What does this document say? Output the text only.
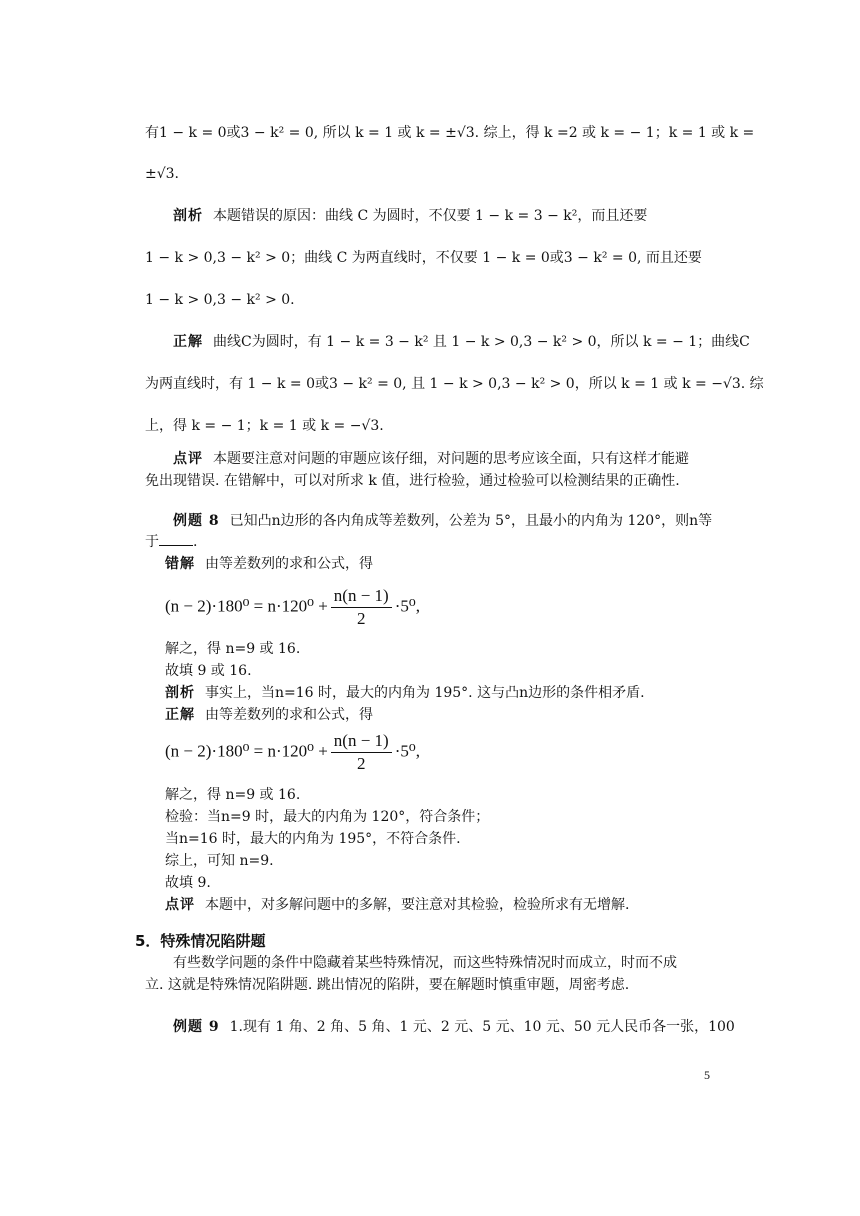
有1 − k = 0或3 − k² = 0, 所以 k = 1 或 k = ±√3. 综上，得 k =2 或 k = − 1；k = 1 或 k =
±√3.
剖析 本题错误的原因：曲线 C 为圆时，不仅要 1 − k = 3 − k²，而且还要
1 − k > 0,3 − k² > 0；曲线 C 为两直线时，不仅要 1 − k = 0或3 − k² = 0, 而且还要
1 − k > 0,3 − k² > 0.
正解 曲线C为圆时，有 1 − k = 3 − k² 且 1 − k > 0,3 − k² > 0，所以 k = − 1；曲线C
为两直线时，有 1 − k = 0或3 − k² = 0, 且 1 − k > 0,3 − k² > 0，所以 k = 1 或 k = −√3. 综
上，得 k = − 1；k = 1 或 k = −√3.
点评 本题要注意对问题的审题应该仔细，对问题的思考应该全面，只有这样才能避
免出现错误. 在错解中，可以对所求 k 值，进行检验，通过检验可以检测结果的正确性.
例题 8 已知凸n边形的各内角成等差数列，公差为 5°，且最小的内角为 120°，则n等
于 .
错解 由等差数列的求和公式，得
$(n - 2)\cdot 180^0 = n\cdot 120^0 + \frac{n(n - 1)}{2} \cdot 5^0$,
解之，得 n=9 或 16.
故填 9 或 16.
剖析 事实上，当n=16 时，最大的内角为 195°. 这与凸n边形的条件相矛盾.
正解 由等差数列的求和公式，得
$(n - 2)\cdot 180^0 = n\cdot 120^0 + \frac{n(n - 1)}{2} \cdot 5^0$,
解之，得 n=9 或 16.
检验：当n=9 时，最大的内角为 120°，符合条件；
当n=16 时，最大的内角为 195°，不符合条件.
综上，可知 n=9.
故填 9.
点评 本题中，对多解问题中的多解，要注意对其检验，检验所求有无增解.
5．特殊情况陷阱题
有些数学问题的条件中隐藏着某些特殊情况，而这些特殊情况时而成立，时而不成
立. 这就是特殊情况陷阱题. 跳出情况的陷阱，要在解题时慎重审题，周密考虑.
例题 9 1.现有 1 角、2 角、5 角、1 元、2 元、5 元、10 元、50 元人民币各一张，100
5
